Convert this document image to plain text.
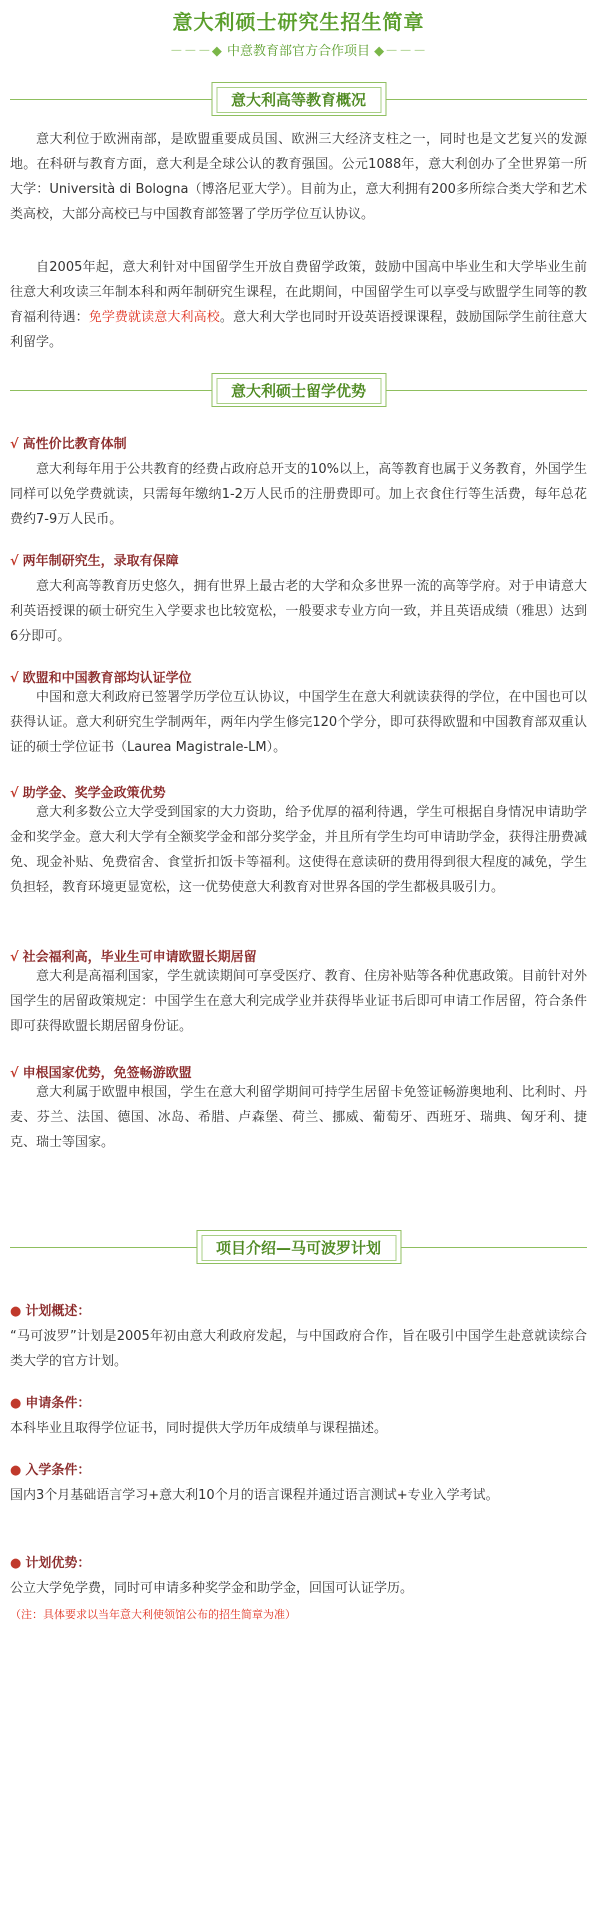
意大利硕士研究生招生简章
－－－◆ 中意教育部官方合作项目 ◆－－－
意大利高等教育概况
意大利位于欧洲南部，是欧盟重要成员国、欧洲三大经济支柱之一，同时也是文艺复兴的发源地。在科研与教育方面，意大利是全球公认的教育强国。公元1088年，意大利创办了全世界第一所大学：Università di Bologna（博洛尼亚大学）。目前为止，意大利拥有200多所综合类大学和艺术类高校，大部分高校已与中国教育部签署了学历学位互认协议。
自2005年起，意大利针对中国留学生开放自费留学政策，鼓励中国高中毕业生和大学毕业生前往意大利攻读三年制本科和两年制研究生课程，在此期间，中国留学生可以享受与欧盟学生同等的教育福利待遇：免学费就读意大利高校。意大利大学也同时开设英语授课课程，鼓励国际学生前往意大利留学。
意大利硕士留学优势
√ 高性价比教育体制
意大利每年用于公共教育的经费占政府总开支的10%以上，高等教育也属于义务教育，外国学生同样可以免学费就读，只需每年缴纳1-2万人民币的注册费即可。加上衣食住行等生活费，每年总花费约7-9万人民币。
√ 两年制研究生，录取有保障
意大利高等教育历史悠久，拥有世界上最古老的大学和众多世界一流的高等学府。对于申请意大利英语授课的硕士研究生入学要求也比较宽松，一般要求专业方向一致，并且英语成绩（雅思）达到6分即可。
√ 欧盟和中国教育部均认证学位
中国和意大利政府已签署学历学位互认协议，中国学生在意大利就读获得的学位，在中国也可以获得认证。意大利研究生学制两年，两年内学生修完120个学分，即可获得欧盟和中国教育部双重认证的硕士学位证书（Laurea Magistrale-LM）。
√ 助学金、奖学金政策优势
意大利多数公立大学受到国家的大力资助，给予优厚的福利待遇，学生可根据自身情况申请助学金和奖学金。意大利大学有全额奖学金和部分奖学金，并且所有学生均可申请助学金，获得注册费减免、现金补贴、免费宿舍、食堂折扣饭卡等福利。这使得在意读研的费用得到很大程度的减免，学生负担轻，教育环境更显宽松，这一优势使意大利教育对世界各国的学生都极具吸引力。
√ 社会福利高，毕业生可申请欧盟长期居留
意大利是高福利国家，学生就读期间可享受医疗、教育、住房补贴等各种优惠政策。目前针对外国学生的居留政策规定：中国学生在意大利完成学业并获得毕业证书后即可申请工作居留，符合条件即可获得欧盟长期居留身份证。
√ 申根国家优势，免签畅游欧盟
意大利属于欧盟申根国，学生在意大利留学期间可持学生居留卡免签证畅游奥地利、比利时、丹麦、芬兰、法国、德国、冰岛、希腊、卢森堡、荷兰、挪威、葡萄牙、西班牙、瑞典、匈牙利、捷克、瑞士等国家。
项目介绍—马可波罗计划
● 计划概述：
“马可波罗”计划是2005年初由意大利政府发起，与中国政府合作，旨在吸引中国学生赴意就读综合类大学的官方计划。
● 申请条件：
本科毕业且取得学位证书，同时提供大学历年成绩单与课程描述。
● 入学条件：
国内3个月基础语言学习+意大利10个月的语言课程并通过语言测试+专业入学考试。
● 计划优势：
公立大学免学费，同时可申请多种奖学金和助学金，回国可认证学历。
（注：具体要求以当年意大利使领馆公布的招生简章为准）
